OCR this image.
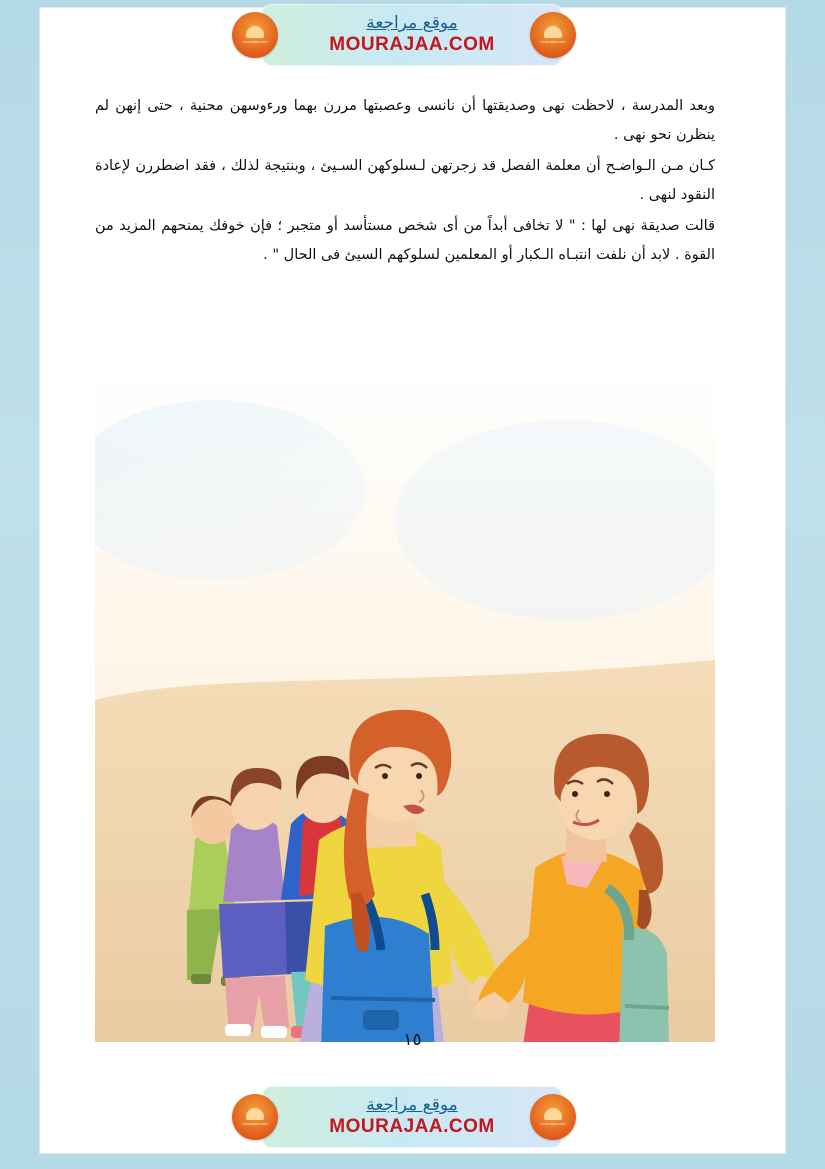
موقع مراجعة
MOURAJAA.COM
mourajaa.com	mourajaa.com

وبعد المدرسة ، لاحظت نهى وصديقتها أن نانسى وعصبتها مررن بهما ورءوسهن محنية ، حتى إنهن لم ينظرن نحو نهى .

كـان مـن الـواضـح أن معلمة الفصل قد زجرتهن لـسلوكهن السـيئ ، وبنتيجة لذلك ، فقد اضطررن لإعادة النقود لنهى .

قالت صديقة نهى لها : " لا تخافى أبداً من أى شخص مستأسد أو متجبر ؛ فإن خوفك يمنحهم المزيد من القوة . لابد أن نلفت انتبـاه الـكبار أو المعلمين لسلوكهم السيئ فى الحال " .

١٥
موقع مراجعة
MOURAJAA.COM
mourajaa.com	mourajaa.com
